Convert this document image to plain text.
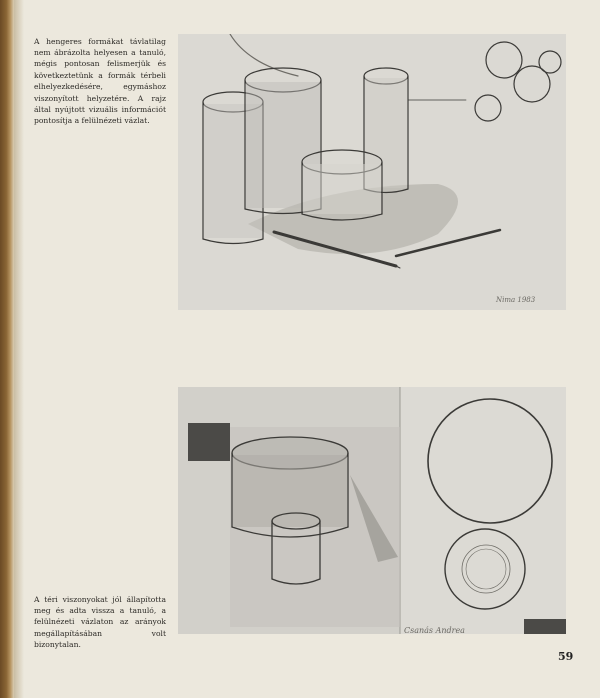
A hengeres formákat távlatilag nem ábrázolta helyesen a tanuló, mégis pontosan felismerjük és következtetünk a formák térbeli elhelyezkedésére, egymáshoz viszonyított helyzetére. A rajz által nyújtott vizuális információt pontosítja a felülnézeti vázlat.

Nima 1983
Csanás Andrea

A téri viszonyokat jól állapította meg és adta vissza a tanuló, a felülnézeti vázlaton az arányok megállapításában volt bizonytalan.

59
